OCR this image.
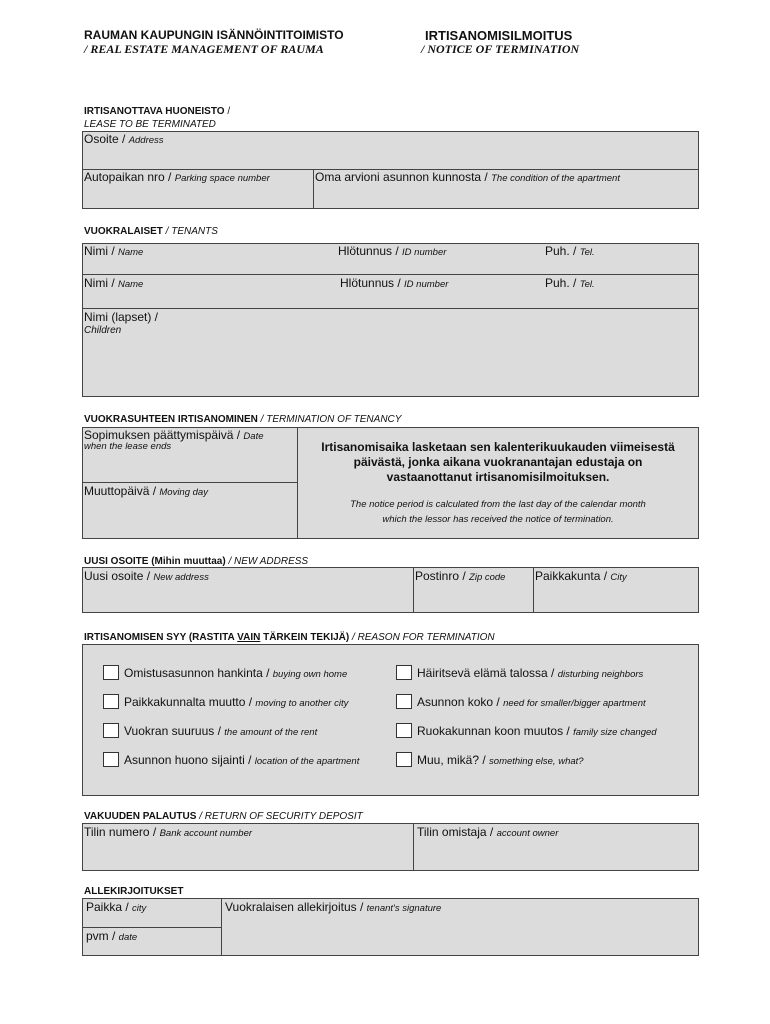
RAUMAN KAUPUNGIN ISÄNNÖINTITOIMISTO
/ REAL ESTATE MANAGEMENT OF RAUMA
IRTISANOMISILMOITUS
/ NOTICE OF TERMINATION
IRTISANOTTAVA HUONEISTO /
LEASE TO BE TERMINATED
Osoite / Address
Autopaikan nro / Parking space number	Oma arvioni asunnon kunnosta / The condition of the apartment
VUOKRALAISET / TENANTS
Nimi / Name	Hlötunnus / ID number	Puh. / Tel.
Nimi / Name	Hlötunnus / ID number	Puh. / Tel.
Nimi (lapset) /
Children
VUOKRASUHTEEN IRTISANOMINEN / TERMINATION OF TENANCY
Sopimuksen päättymispäivä / Date
when the lease ends
Muuttopäivä / Moving day
Irtisanomisaika lasketaan sen kalenterikuukauden viimeisestä
päivästä, jonka aikana vuokranantajan edustaja on
vastaanottanut irtisanomisilmoituksen.
The notice period is calculated from the last day of the calendar month
which the lessor has received the notice of termination.
UUSI OSOITE (Mihin muuttaa) / NEW ADDRESS
Uusi osoite / New address	Postinro / Zip code Paikkakunta / City
IRTISANOMISEN SYY (RASTITA VAIN TÄRKEIN TEKIJÄ) / REASON FOR TERMINATION
Omistusasunnon hankinta / buying own home	Häiritsevä elämä talossa / disturbing neighbors
Paikkakunnalta muutto / moving to another city	Asunnon koko / need for smaller/bigger apartment
Vuokran suuruus / the amount of the rent	Ruokakunnan koon muutos / family size changed
Asunnon huono sijainti / location of the apartment	Muu, mikä? / something else, what?
VAKUUDEN PALAUTUS / RETURN OF SECURITY DEPOSIT
Tilin numero / Bank account number	Tilin omistaja / account owner
ALLEKIRJOITUKSET
Paikka / city
pvm / date
Vuokralaisen allekirjoitus / tenant's signature
